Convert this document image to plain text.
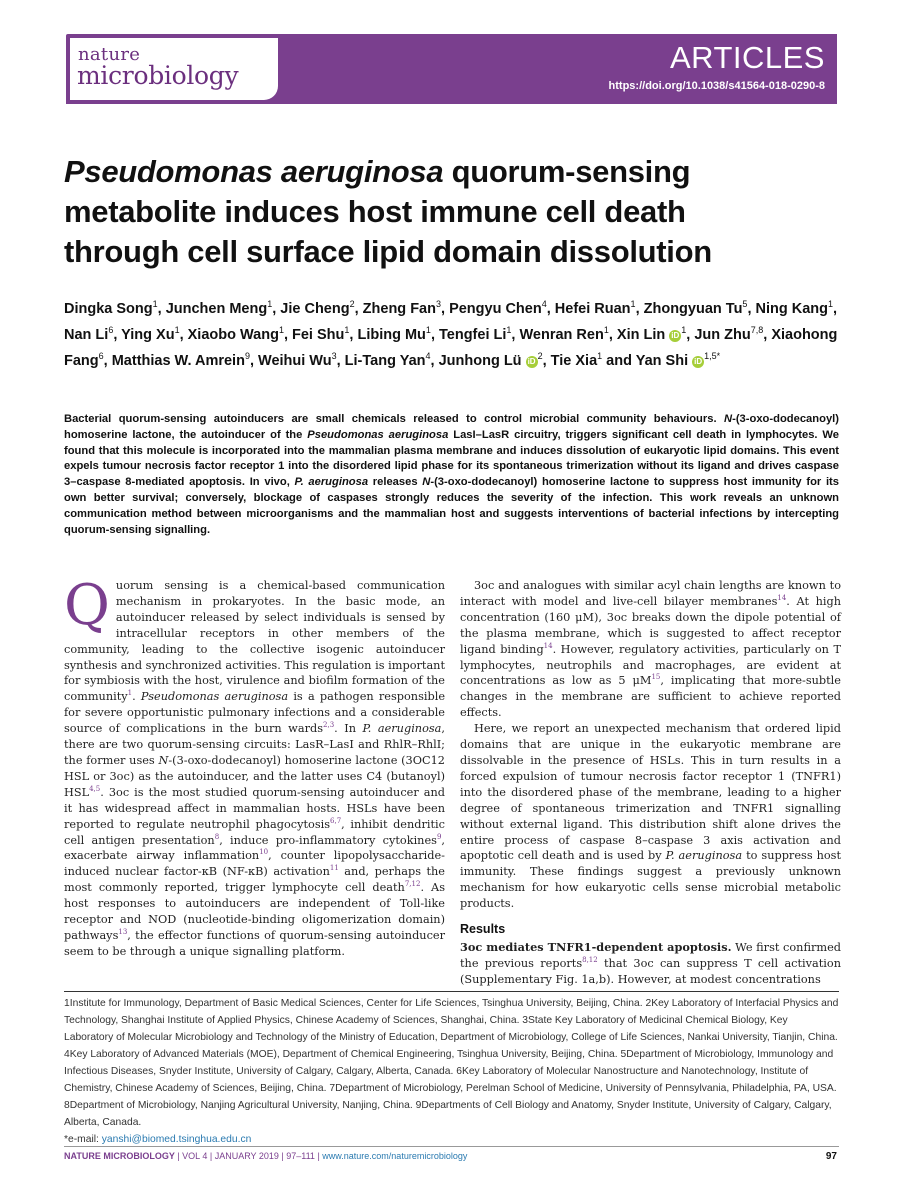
nature
microbiology
ARTICLES
https://doi.org/10.1038/s41564-018-0290-8
Pseudomonas aeruginosa quorum-sensing
metabolite induces host immune cell death
through cell surface lipid domain dissolution
Dingka Song$^1$, Junchen Meng$^1$, Jie Cheng$^2$, Zheng Fan$^3$, Pengyu Chen$^4$, Hefei Ruan$^1$, Zhongyuan Tu$^5$, Ning Kang$^1$, Nan Li$^6$, Ying Xu$^1$, Xiaobo Wang$^1$, Fei Shu$^1$, Libing Mu$^1$, Tengfei Li$^1$, Wenran Ren$^1$, Xin Lin $iD^1$, Jun Zhu$^{7,8}$, Xiaohong Fang$^6$, Matthias W. Amrein$^9$, Weihui Wu$^3$, Li-Tang Yan$^4$, Junhong Lü $iD^2$, Tie Xia$^1$ and Yan Shi $iD^{1,5*}$
Bacterial quorum-sensing autoinducers are small chemicals released to control microbial community behaviours. N-(3-oxo-dodecanoyl) homoserine lactone, the autoinducer of the Pseudomonas aeruginosa LasI–LasR circuitry, triggers significant cell death in lymphocytes. We found that this molecule is incorporated into the mammalian plasma membrane and induces dissolution of eukaryotic lipid domains. This event expels tumour necrosis factor receptor 1 into the disordered lipid phase for its spontaneous trimerization without its ligand and drives caspase 3–caspase 8-mediated apoptosis. In vivo, P. aeruginosa releases N-(3-oxo-dodecanoyl) homoserine lactone to suppress host immunity for its own better survival; conversely, blockage of caspases strongly reduces the severity of the infection. This work reveals an unknown communication method between microorganisms and the mammalian host and suggests interventions of bacterial infections by intercepting quorum-sensing signalling.

Quorum sensing is a chemical-based communication mechanism in prokaryotes. In the basic mode, an autoinducer released by select individuals is sensed by intracellular receptors in other members of the community, leading to the collective isogenic autoinducer synthesis and synchronized activities. This regulation is important for symbiosis with the host, virulence and biofilm formation of the community$^1$. Pseudomonas aeruginosa is a pathogen responsible for severe opportunistic pulmonary infections and a considerable source of complications in the burn wards$^{2,3}$. In P. aeruginosa, there are two quorum-sensing circuits: LasR–LasI and RhlR–RhlI; the former uses N-(3-oxo-dodecanoyl) homoserine lactone (3OC12 HSL or 3oc) as the autoinducer, and the latter uses C4 (butanoyl) HSL$^{4,5}$. 3oc is the most studied quorum-sensing autoinducer and it has widespread affect in mammalian hosts. HSLs have been reported to regulate neutrophil phagocytosis$^{6,7}$, inhibit dendritic cell antigen presentation$^8$, induce pro-inflammatory cytokines$^9$, exacerbate airway inflammation$^{10}$, counter lipopolysaccharide-induced nuclear factor-κB (NF-κB) activation$^{11}$ and, perhaps the most commonly reported, trigger lymphocyte cell death$^{7,12}$. As host responses to autoinducers are independent of Toll-like receptor and NOD (nucleotide-binding oligomerization domain) pathways$^{13}$, the effector functions of quorum-sensing autoinducer seem to be through a unique signalling platform.

3oc and analogues with similar acyl chain lengths are known to interact with model and live-cell bilayer membranes$^{14}$. At high concentration (160 μM), 3oc breaks down the dipole potential of the plasma membrane, which is suggested to affect receptor ligand binding$^{14}$. However, regulatory activities, particularly on T lymphocytes, neutrophils and macrophages, are evident at concentrations as low as 5 μM$^{15}$, implicating that more-subtle changes in the membrane are sufficient to achieve reported effects.

Here, we report an unexpected mechanism that ordered lipid domains that are unique in the eukaryotic membrane are dissolvable in the presence of HSLs. This in turn results in a forced expulsion of tumour necrosis factor receptor 1 (TNFR1) into the disordered phase of the membrane, leading to a higher degree of spontaneous trimerization and TNFR1 signalling without external ligand. This distribution shift alone drives the entire process of caspase 8–caspase 3 axis activation and apoptotic cell death and is used by P. aeruginosa to suppress host immunity. These findings suggest a previously unknown mechanism for how eukaryotic cells sense microbial metabolic products.

Results

3oc mediates TNFR1-dependent apoptosis. We first confirmed the previous reports$^{8,12}$ that 3oc can suppress T cell activation (Supplementary Fig. 1a,b). However, at modest concentrations

1Institute for Immunology, Department of Basic Medical Sciences, Center for Life Sciences, Tsinghua University, Beijing, China. 2Key Laboratory of Interfacial Physics and Technology, Shanghai Institute of Applied Physics, Chinese Academy of Sciences, Shanghai, China. 3State Key Laboratory of Medicinal Chemical Biology, Key Laboratory of Molecular Microbiology and Technology of the Ministry of Education, Department of Microbiology, College of Life Sciences, Nankai University, Tianjin, China. 4Key Laboratory of Advanced Materials (MOE), Department of Chemical Engineering, Tsinghua University, Beijing, China. 5Department of Microbiology, Immunology and Infectious Diseases, Snyder Institute, University of Calgary, Calgary, Alberta, Canada. 6Key Laboratory of Molecular Nanostructure and Nanotechnology, Institute of Chemistry, Chinese Academy of Sciences, Beijing, China. 7Department of Microbiology, Perelman School of Medicine, University of Pennsylvania, Philadelphia, PA, USA. 8Department of Microbiology, Nanjing Agricultural University, Nanjing, China. 9Departments of Cell Biology and Anatomy, Snyder Institute, University of Calgary, Calgary, Alberta, Canada.
*e-mail: yanshi@biomed.tsinghua.edu.cn
NATURE MICROBIOLOGY | VOL 4 | JANUARY 2019 | 97–111 | www.nature.com/naturemicrobiology	97
